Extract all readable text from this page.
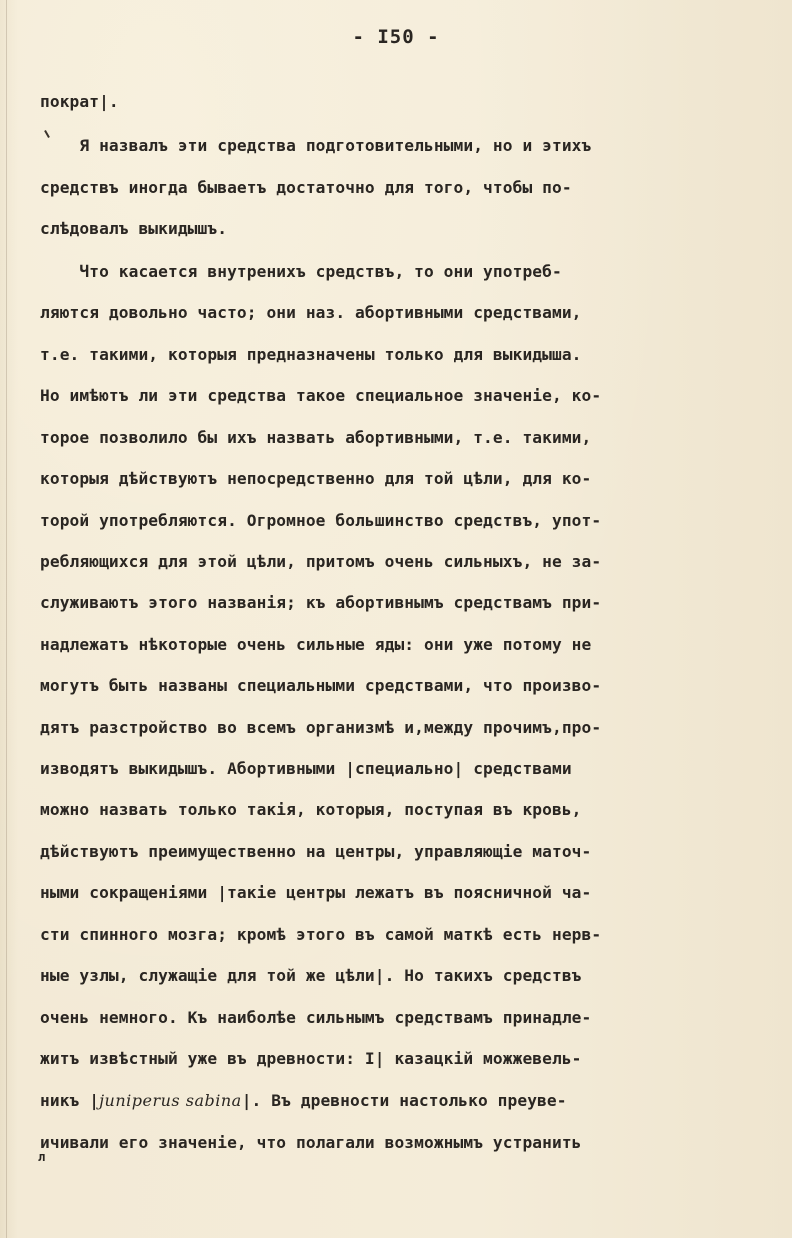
- I50 -
пократ|.
Я назвалъ эти средства подготовительными, но и этихъ
средствъ иногда бываетъ достаточно для того, чтобы по-
слѣдовалъ выкидышъ.
Что касается внутренихъ средствъ, то они употреб-
ляются довольно часто; они наз. абортивными средствами,
т.е. такими, которыя предназначены только для выкидыша.
Но имѣютъ ли эти средства такое специальное значенiе, ко-
торое позволило бы ихъ назвать абортивными, т.е. такими,
которыя дѣйствуютъ непосредственно для той цѣли, для ко-
торой употребляются. Огромное большинство средствъ, упот-
ребляющихся для этой цѣли, притомъ очень сильныхъ, не за-
служиваютъ этого названiя; къ абортивнымъ средствамъ при-
надлежатъ нѣкоторые очень сильные яды: они уже потому не
могутъ быть названы специальными средствами, что произво-
дятъ разстройство во всемъ организмѣ и,между прочимъ,про-
изводятъ выкидышъ. Абортивными |специально| средствами
можно назвать только такiя, которыя, поступая въ кровь,
дѣйствуютъ преимущественно на центры, управляющiе маточ-
ными сокращенiями |такiе центры лежатъ въ поясничной ча-
сти спинного мозга; кромѣ этого въ самой маткѣ есть нерв-
ные узлы, служащiе для той же цѣли|. Но такихъ средствъ
очень немного. Къ наиболѣе сильнымъ средствамъ принадле-
житъ извѣстный уже въ древности: I| казацкiй можжевель-
никъ |juniperus sabina|. Въ древности настолько преуве-
ичивали его значенiе, что полагали возможнымъ устранить
л
